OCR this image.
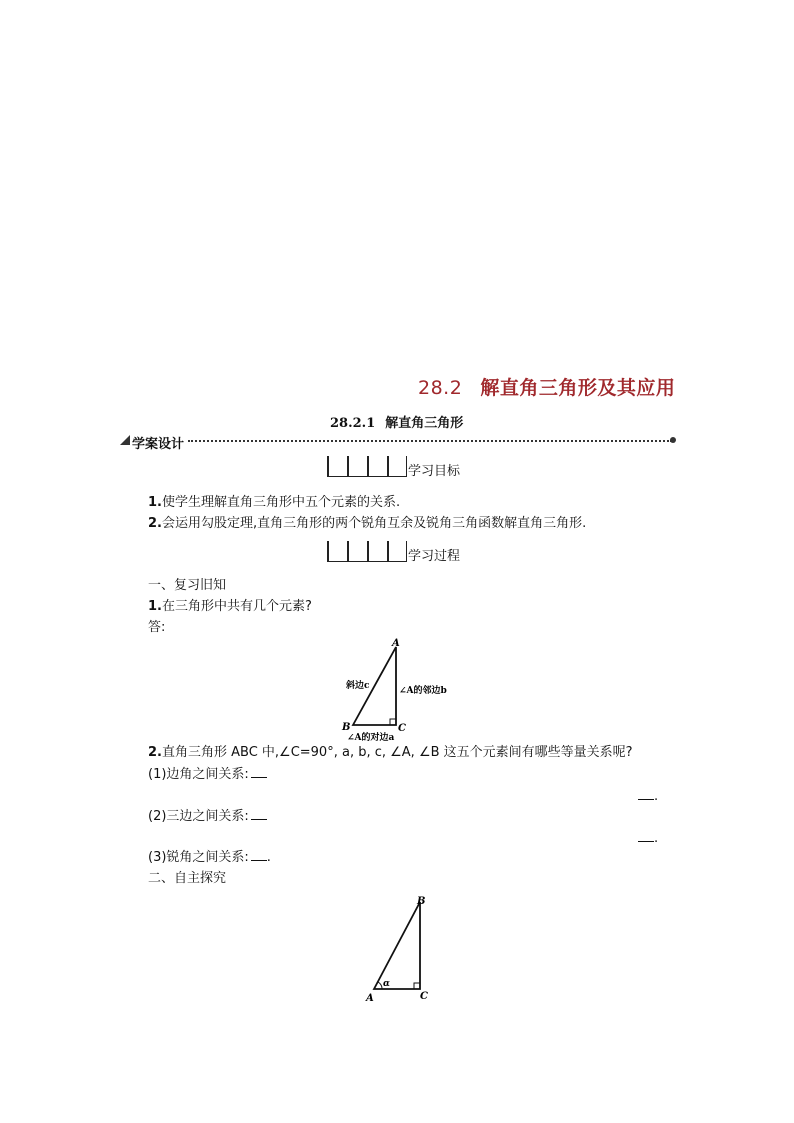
28.2 解直角三角形及其应用
28.2.1 解直角三角形
学案设计
学习目标
1.使学生理解直角三角形中五个元素的关系.
2.会运用勾股定理,直角三角形的两个锐角互余及锐角三角函数解直角三角形.
学习过程
一、复习旧知
1.在三角形中共有几个元素?
答:
A
B	C
斜边c	∠A的邻边b
∠A的对边a
2.直角三角形 ABC 中,∠C=90°, a, b, c, ∠A, ∠B 这五个元素间有哪些等量关系呢?
(1)边角之间关系:
.
(2)三边之间关系:
.
(3)锐角之间关系: .
二、自主探究
B
A	C
α
